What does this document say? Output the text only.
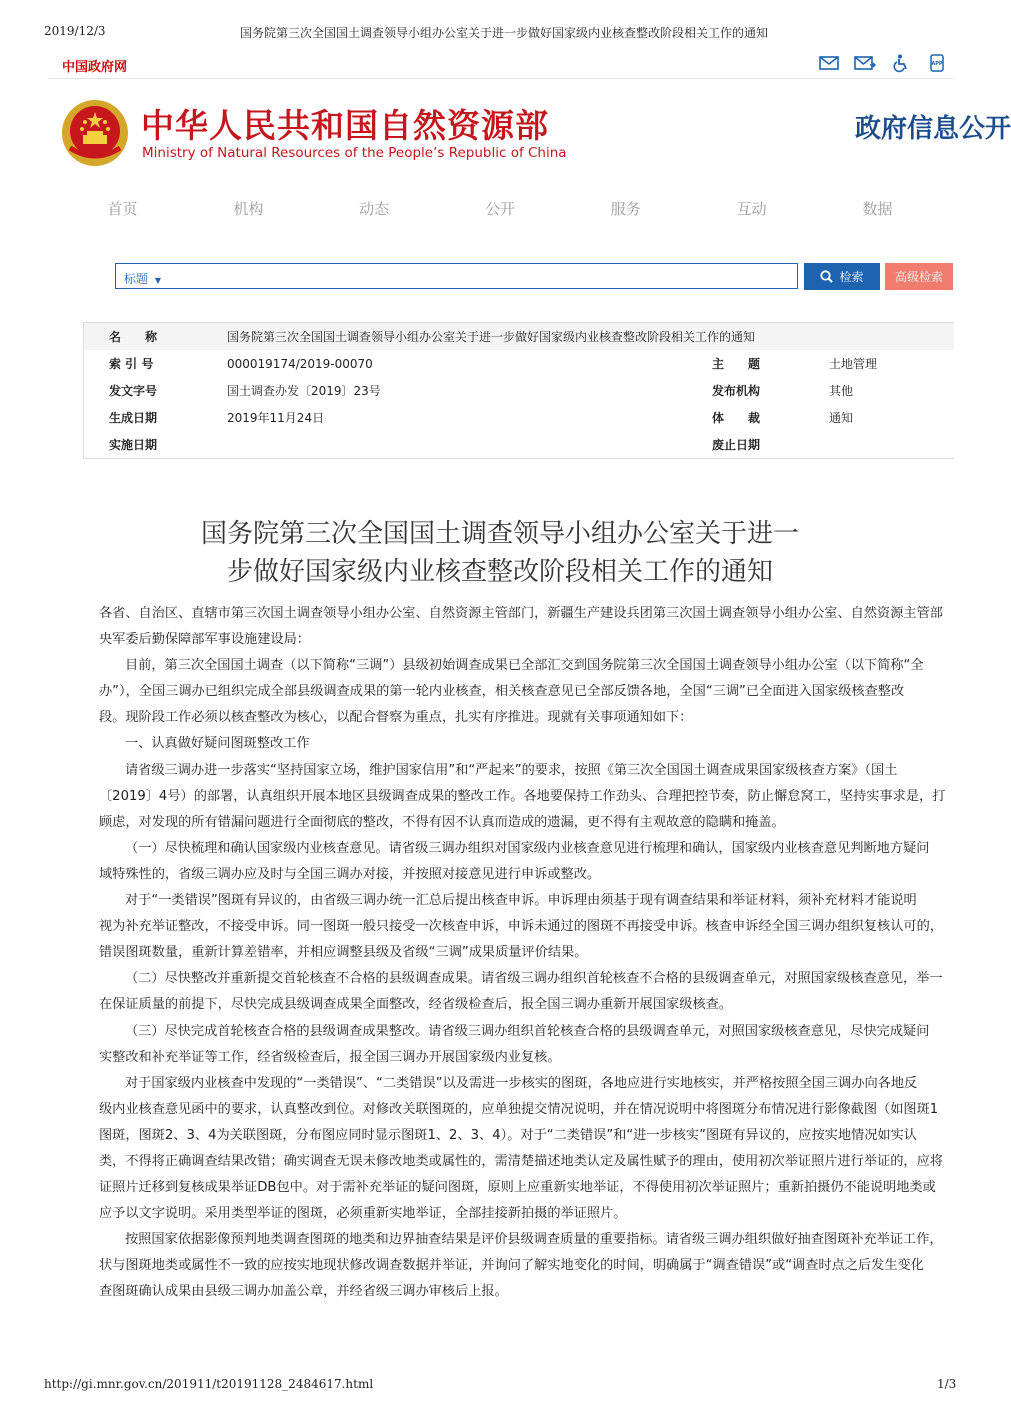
2019/12/3	国务院第三次全国国土调查领导小组办公室关于进一步做好国家级内业核查整改阶段相关工作的通知
中国政府网	APP
中华人民共和国自然资源部
Ministry of Natural Resources of the People’s Republic of China
政府信息公开
首页	机构	动态	公开	服务	互动	数据
标题 ▼	检索	高级检索
名　　称	国务院第三次全国国土调查领导小组办公室关于进一步做好国家级内业核查整改阶段相关工作的通知
索 引 号	000019174/2019-00070	主　　题	土地管理
发文字号	国土调查办发〔2019〕23号	发布机构	其他
生成日期	2019年11月24日	体　　裁	通知
实施日期	废止日期
国务院第三次全国国土调查领导小组办公室关于进一
步做好国家级内业核查整改阶段相关工作的通知

各省、自治区、直辖市第三次国土调查领导小组办公室、自然资源主管部门，新疆生产建设兵团第三次国土调查领导小组办公室、自然资源主管部

央军委后勤保障部军事设施建设局：

目前，第三次全国国土调查（以下简称“三调”）县级初始调查成果已全部汇交到国务院第三次全国国土调查领导小组办公室（以下简称“全

办”），全国三调办已组织完成全部县级调查成果的第一轮内业核查，相关核查意见已全部反馈各地，全国“三调”已全面进入国家级核查整改

段。现阶段工作必须以核查整改为核心，以配合督察为重点，扎实有序推进。现就有关事项通知如下：

一、认真做好疑问图斑整改工作

请省级三调办进一步落实“坚持国家立场，维护国家信用”和“严起来”的要求，按照《第三次全国国土调查成果国家级核查方案》（国土

〔2019〕4号）的部署，认真组织开展本地区县级调查成果的整改工作。各地要保持工作劲头、合理把控节奏，防止懈怠窝工，坚持实事求是，打

顾虑，对发现的所有错漏问题进行全面彻底的整改，不得有因不认真而造成的遗漏，更不得有主观故意的隐瞒和掩盖。

（一）尽快梳理和确认国家级内业核查意见。请省级三调办组织对国家级内业核查意见进行梳理和确认，国家级内业核查意见判断地方疑问

域特殊性的，省级三调办应及时与全国三调办对接，并按照对接意见进行申诉或整改。

对于“一类错误”图斑有异议的，由省级三调办统一汇总后提出核查申诉。申诉理由须基于现有调查结果和举证材料，须补充材料才能说明

视为补充举证整改，不接受申诉。同一图斑一般只接受一次核查申诉，申诉未通过的图斑不再接受申诉。核查申诉经全国三调办组织复核认可的，

错误图斑数量，重新计算差错率，并相应调整县级及省级“三调”成果质量评价结果。

（二）尽快整改并重新提交首轮核查不合格的县级调查成果。请省级三调办组织首轮核查不合格的县级调查单元，对照国家级核查意见，举一

在保证质量的前提下，尽快完成县级调查成果全面整改，经省级检查后，报全国三调办重新开展国家级核查。

（三）尽快完成首轮核查合格的县级调查成果整改。请省级三调办组织首轮核查合格的县级调查单元，对照国家级核查意见，尽快完成疑问

实整改和补充举证等工作，经省级检查后，报全国三调办开展国家级内业复核。

对于国家级内业核查中发现的“一类错误”、“二类错误”以及需进一步核实的图斑，各地应进行实地核实，并严格按照全国三调办向各地反

级内业核查意见函中的要求，认真整改到位。对修改关联图斑的，应单独提交情况说明，并在情况说明中将图斑分布情况进行影像截图（如图斑1

图斑，图斑2、3、4为关联图斑，分布图应同时显示图斑1、2、3、4）。对于“二类错误”和“进一步核实”图斑有异议的，应按实地情况如实认

类，不得将正确调查结果改错；确实调查无误未修改地类或属性的，需清楚描述地类认定及属性赋予的理由，使用初次举证照片进行举证的，应将

证照片迁移到复核成果举证DB包中。对于需补充举证的疑问图斑，原则上应重新实地举证，不得使用初次举证照片；重新拍摄仍不能说明地类或

应予以文字说明。采用类型举证的图斑，必须重新实地举证，全部挂接新拍摄的举证照片。

按照国家依据影像预判地类调查图斑的地类和边界抽查结果是评价县级调查质量的重要指标。请省级三调办组织做好抽查图斑补充举证工作，

状与图斑地类或属性不一致的应按实地现状修改调查数据并举证，并询问了解实地变化的时间，明确属于“调查错误”或“调查时点之后发生变化

查图斑确认成果由县级三调办加盖公章，并经省级三调办审核后上报。

http://gi.mnr.gov.cn/201911/t20191128_2484617.html	1/3
